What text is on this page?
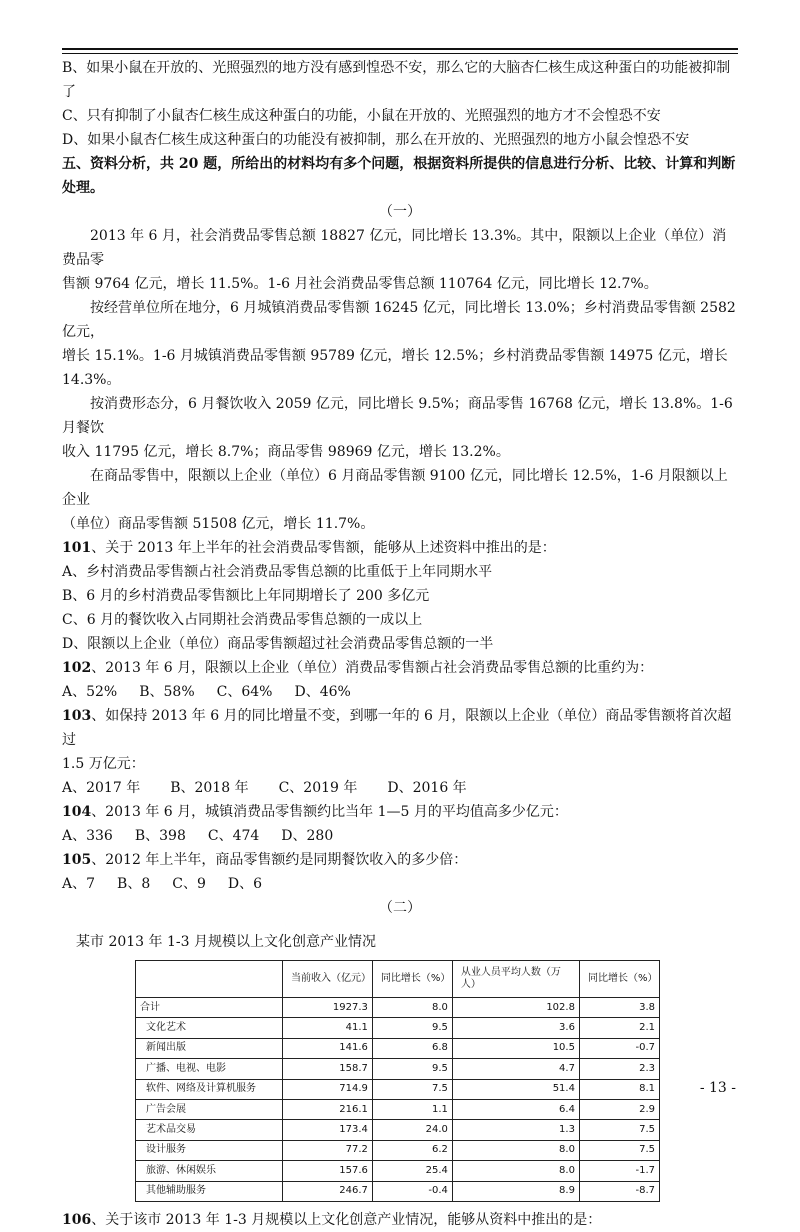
B、如果小鼠在开放的、光照强烈的地方没有感到惶恐不安，那么它的大脑杏仁核生成这种蛋白的功能被抑制

了

C、只有抑制了小鼠杏仁核生成这种蛋白的功能，小鼠在开放的、光照强烈的地方才不会惶恐不安

D、如果小鼠杏仁核生成这种蛋白的功能没有被抑制，那么在开放的、光照强烈的地方小鼠会惶恐不安

五、资料分析，共 20 题，所给出的材料均有多个问题，根据资料所提供的信息进行分析、比较、计算和判断

处理。

（一）

2013 年 6 月，社会消费品零售总额 18827 亿元，同比增长 13.3%。其中，限额以上企业（单位）消费品零

售额 9764 亿元，增长 11.5%。1-6 月社会消费品零售总额 110764 亿元，同比增长 12.7%。

按经营单位所在地分，6 月城镇消费品零售额 16245 亿元，同比增长 13.0%；乡村消费品零售额 2582 亿元，

增长 15.1%。1-6 月城镇消费品零售额 95789 亿元，增长 12.5%；乡村消费品零售额 14975 亿元，增长 14.3%。

按消费形态分，6 月餐饮收入 2059 亿元，同比增长 9.5%；商品零售 16768 亿元，增长 13.8%。1-6 月餐饮

收入 11795 亿元，增长 8.7%；商品零售 98969 亿元，增长 13.2%。

在商品零售中，限额以上企业（单位）6 月商品零售额 9100 亿元，同比增长 12.5%，1-6 月限额以上企业

（单位）商品零售额 51508 亿元，增长 11.7%。

101、关于 2013 年上半年的社会消费品零售额，能够从上述资料中推出的是：

A、乡村消费品零售额占社会消费品零售总额的比重低于上年同期水平

B、6 月的乡村消费品零售额比上年同期增长了 200 多亿元

C、6 月的餐饮收入占同期社会消费品零售总额的一成以上

D、限额以上企业（单位）商品零售额超过社会消费品零售总额的一半

102、2013 年 6 月，限额以上企业（单位）消费品零售额占社会消费品零售总额的比重约为：

A、52% B、58% C、64% D、46%

103、如保持 2013 年 6 月的同比增量不变，到哪一年的 6 月，限额以上企业（单位）商品零售额将首次超过

1.5 万亿元：

A、2017 年 B、2018 年 C、2019 年 D、2016 年

104、2013 年 6 月，城镇消费品零售额约比当年 1—5 月的平均值高多少亿元：

A、336 B、398 C、474 D、280

105、2012 年上半年，商品零售额约是同期餐饮收入的多少倍：

A、7 B、8 C、9 D、6

（二）

某市 2013 年 1-3 月规模以上文化创意产业情况

	当前收入（亿元）	同比增长（%）	从业人员平均人数（万人）	同比增长（%）
合计	1927.3	8.0	102.8	3.8
文化艺术	41.1	9.5	3.6	2.1
新闻出版	141.6	6.8	10.5	-0.7
广播、电视、电影	158.7	9.5	4.7	2.3
软件、网络及计算机服务	714.9	7.5	51.4	8.1
广告会展	216.1	1.1	6.4	2.9
艺术品交易	173.4	24.0	1.3	7.5
设计服务	77.2	6.2	8.0	7.5
旅游、休闲娱乐	157.6	25.4	8.0	-1.7
其他辅助服务	246.7	-0.4	8.9	-8.7

106、关于该市 2013 年 1-3 月规模以上文化创意产业情况，能够从资料中推出的是：

- 13 -
